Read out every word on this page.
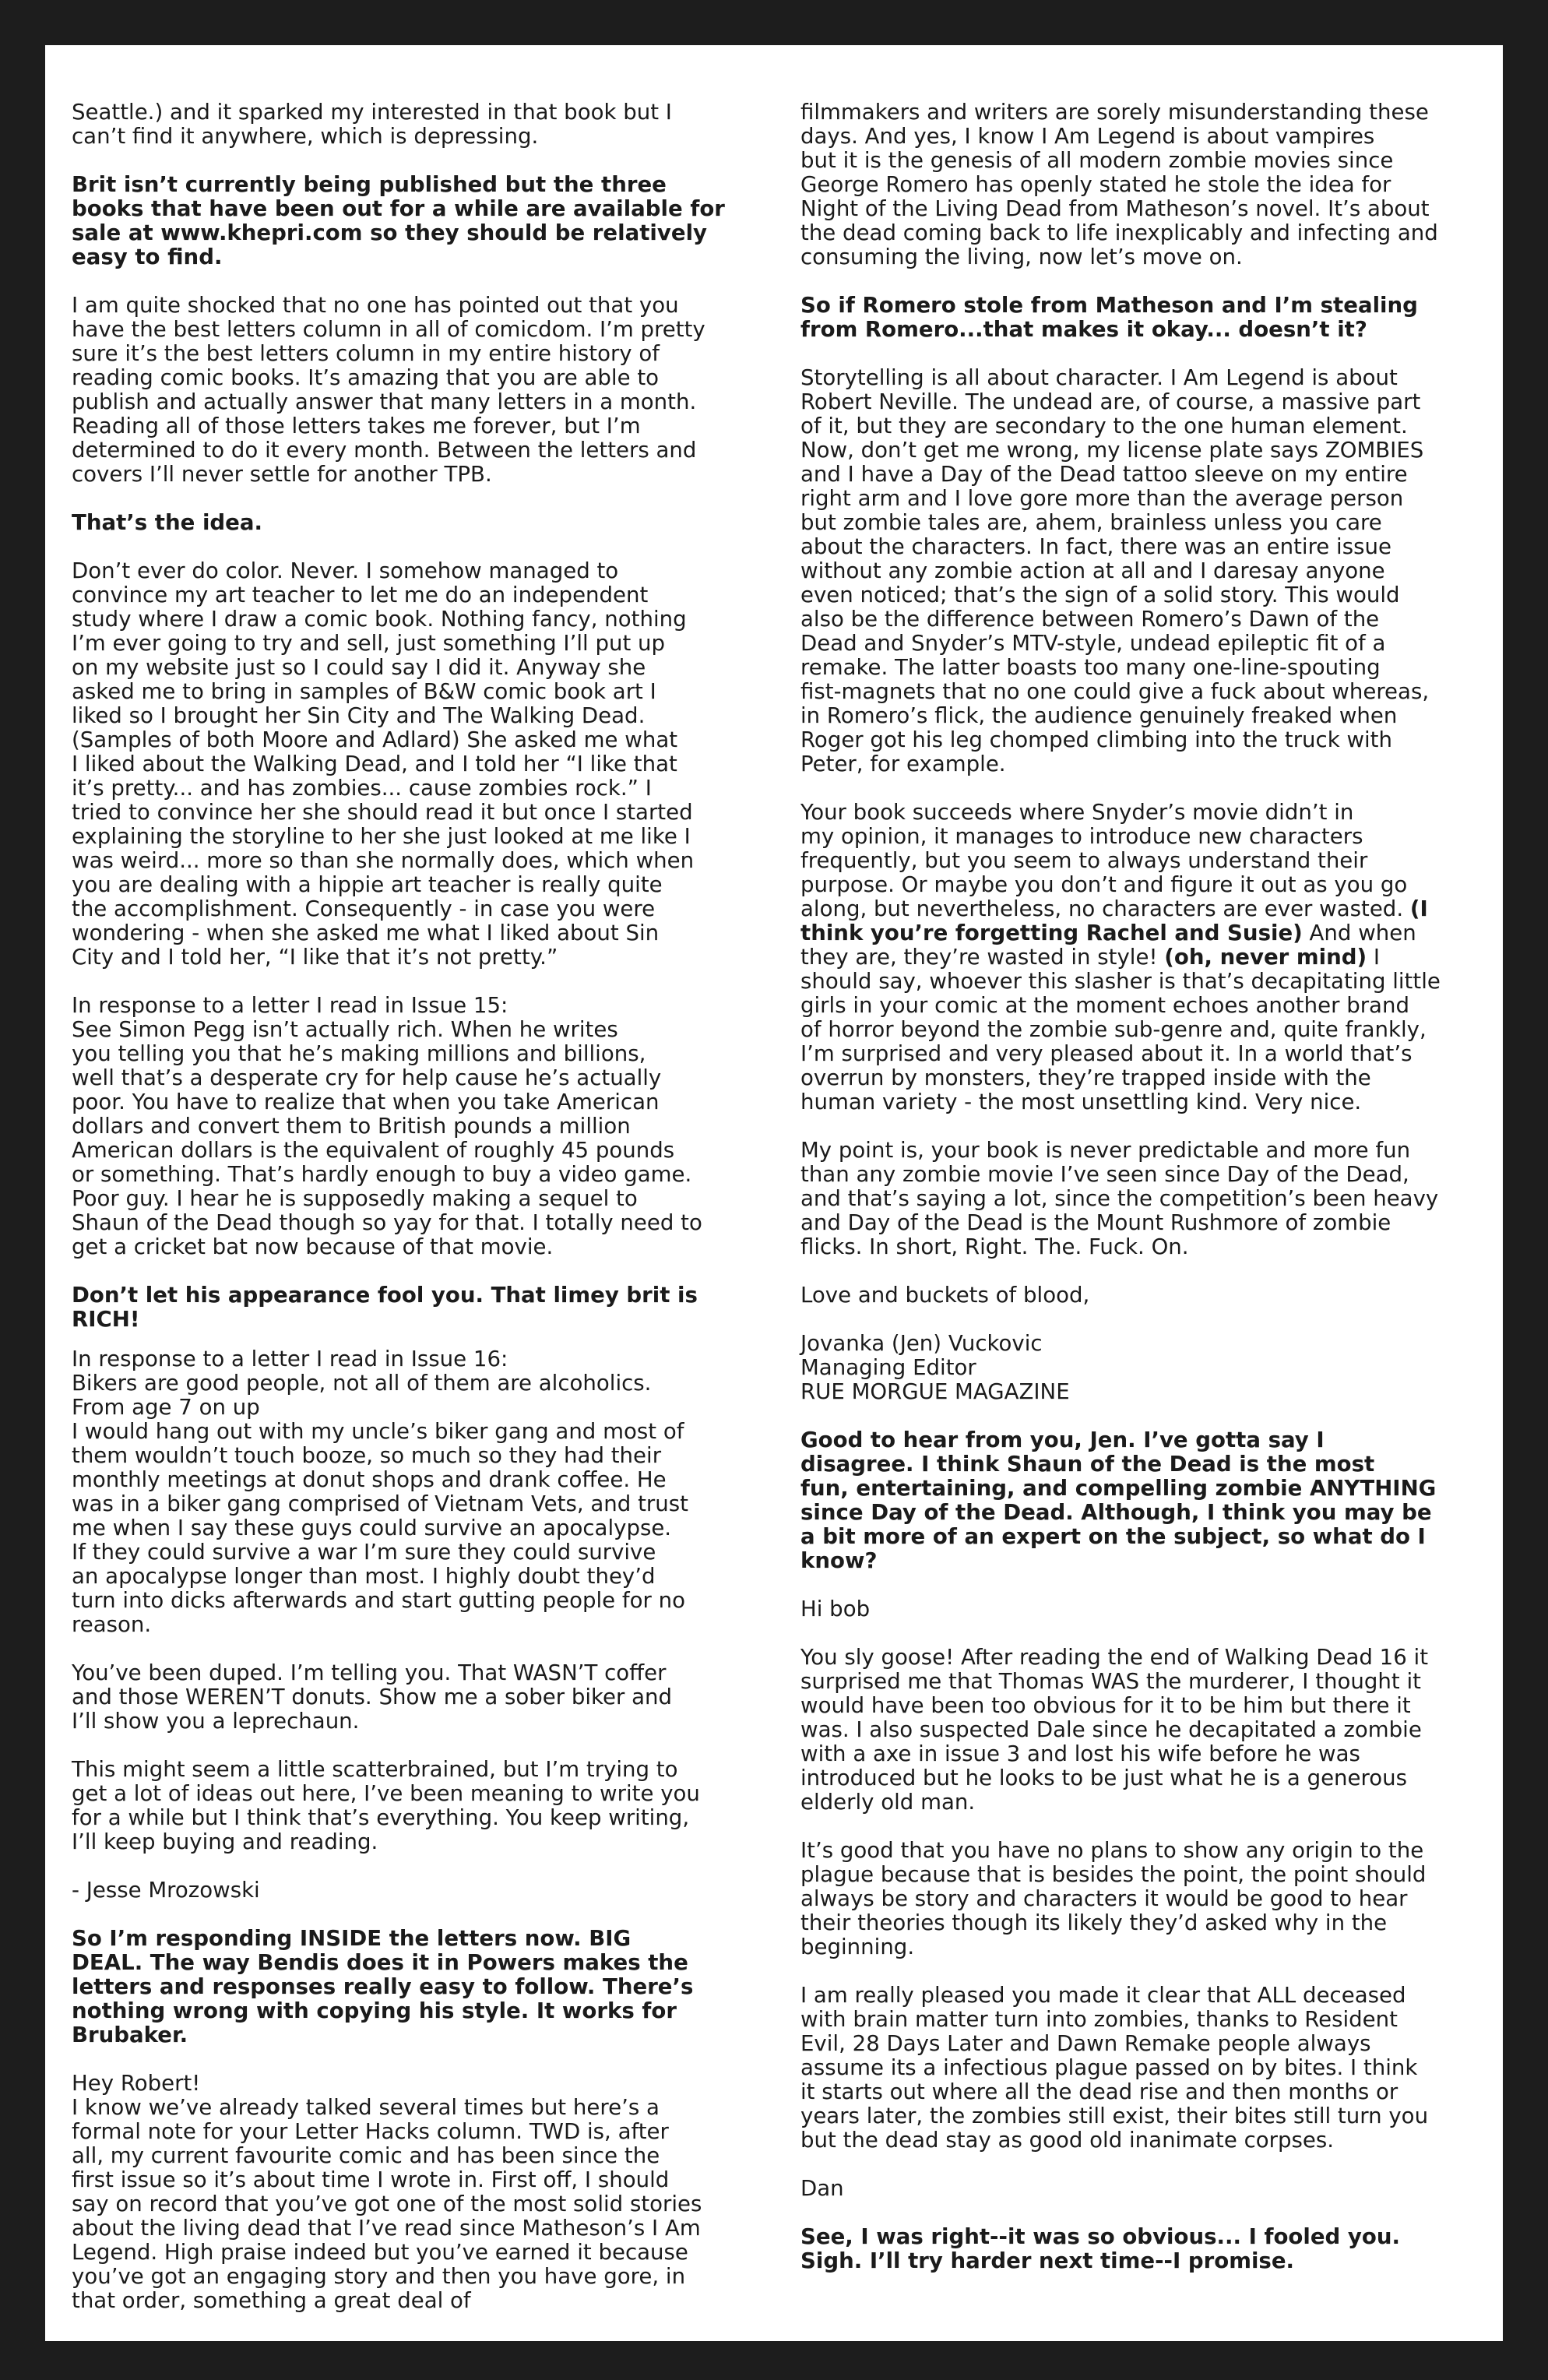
Seattle.) and it sparked my interested in that book but I
can’t find it anywhere, which is depressing.

Brit isn’t currently being published but the three
books that have been out for a while are available for
sale at www.khepri.com so they should be relatively
easy to find.

I am quite shocked that no one has pointed out that you
have the best letters column in all of comicdom. I’m pretty
sure it’s the best letters column in my entire history of
reading comic books. It’s amazing that you are able to
publish and actually answer that many letters in a month.
Reading all of those letters takes me forever, but I’m
determined to do it every month. Between the letters and
covers I’ll never settle for another TPB.

That’s the idea.

Don’t ever do color. Never. I somehow managed to
convince my art teacher to let me do an independent
study where I draw a comic book. Nothing fancy, nothing
I’m ever going to try and sell, just something I’ll put up
on my website just so I could say I did it. Anyway she
asked me to bring in samples of B&W comic book art I
liked so I brought her Sin City and The Walking Dead.
(Samples of both Moore and Adlard) She asked me what
I liked about the Walking Dead, and I told her “I like that
it’s pretty... and has zombies... cause zombies rock.” I
tried to convince her she should read it but once I started
explaining the storyline to her she just looked at me like I
was weird... more so than she normally does, which when
you are dealing with a hippie art teacher is really quite
the accomplishment. Consequently - in case you were
wondering - when she asked me what I liked about Sin
City and I told her, “I like that it’s not pretty.”

In response to a letter I read in Issue 15:
See Simon Pegg isn’t actually rich. When he writes
you telling you that he’s making millions and billions,
well that’s a desperate cry for help cause he’s actually
poor. You have to realize that when you take American
dollars and convert them to British pounds a million
American dollars is the equivalent of roughly 45 pounds
or something. That’s hardly enough to buy a video game.
Poor guy. I hear he is supposedly making a sequel to
Shaun of the Dead though so yay for that. I totally need to
get a cricket bat now because of that movie.

Don’t let his appearance fool you. That limey brit is
RICH!

In response to a letter I read in Issue 16:
Bikers are good people, not all of them are alcoholics.
From age 7 on up
I would hang out with my uncle’s biker gang and most of
them wouldn’t touch booze, so much so they had their
monthly meetings at donut shops and drank coffee. He
was in a biker gang comprised of Vietnam Vets, and trust
me when I say these guys could survive an apocalypse.
If they could survive a war I’m sure they could survive
an apocalypse longer than most. I highly doubt they’d
turn into dicks afterwards and start gutting people for no
reason.

You’ve been duped. I’m telling you. That WASN’T coffer
and those WEREN’T donuts. Show me a sober biker and
I’ll show you a leprechaun.

This might seem a little scatterbrained, but I’m trying to
get a lot of ideas out here, I’ve been meaning to write you
for a while but I think that’s everything. You keep writing,
I’ll keep buying and reading.

- Jesse Mrozowski

So I’m responding INSIDE the letters now. BIG
DEAL. The way Bendis does it in Powers makes the
letters and responses really easy to follow. There’s
nothing wrong with copying his style. It works for
Brubaker.

Hey Robert!
I know we’ve already talked several times but here’s a
formal note for your Letter Hacks column. TWD is, after
all, my current favourite comic and has been since the
first issue so it’s about time I wrote in. First off, I should
say on record that you’ve got one of the most solid stories
about the living dead that I’ve read since Matheson’s I Am
Legend. High praise indeed but you’ve earned it because
you’ve got an engaging story and then you have gore, in
that order, something a great deal of

filmmakers and writers are sorely misunderstanding these
days. And yes, I know I Am Legend is about vampires
but it is the genesis of all modern zombie movies since
George Romero has openly stated he stole the idea for
Night of the Living Dead from Matheson’s novel. It’s about
the dead coming back to life inexplicably and infecting and
consuming the living, now let’s move on.

So if Romero stole from Matheson and I’m stealing
from Romero...that makes it okay... doesn’t it?

Storytelling is all about character. I Am Legend is about
Robert Neville. The undead are, of course, a massive part
of it, but they are secondary to the one human element.
Now, don’t get me wrong, my license plate says ZOMBIES
and I have a Day of the Dead tattoo sleeve on my entire
right arm and I love gore more than the average person
but zombie tales are, ahem, brainless unless you care
about the characters. In fact, there was an entire issue
without any zombie action at all and I daresay anyone
even noticed; that’s the sign of a solid story. This would
also be the difference between Romero’s Dawn of the
Dead and Snyder’s MTV-style, undead epileptic fit of a
remake. The latter boasts too many one-line-spouting
fist-magnets that no one could give a fuck about whereas,
in Romero’s flick, the audience genuinely freaked when
Roger got his leg chomped climbing into the truck with
Peter, for example.

Your book succeeds where Snyder’s movie didn’t in
my opinion, it manages to introduce new characters
frequently, but you seem to always understand their
purpose. Or maybe you don’t and figure it out as you go
along, but nevertheless, no characters are ever wasted. (I
think you’re forgetting Rachel and Susie) And when
they are, they’re wasted in style! (oh, never mind) I
should say, whoever this slasher is that’s decapitating little
girls in your comic at the moment echoes another brand
of horror beyond the zombie sub-genre and, quite frankly,
I’m surprised and very pleased about it. In a world that’s
overrun by monsters, they’re trapped inside with the
human variety - the most unsettling kind. Very nice.

My point is, your book is never predictable and more fun
than any zombie movie I’ve seen since Day of the Dead,
and that’s saying a lot, since the competition’s been heavy
and Day of the Dead is the Mount Rushmore of zombie
flicks. In short, Right. The. Fuck. On.

Love and buckets of blood,

Jovanka (Jen) Vuckovic
Managing Editor
RUE MORGUE MAGAZINE

Good to hear from you, Jen. I’ve gotta say I
disagree. I think Shaun of the Dead is the most
fun, entertaining, and compelling zombie ANYTHING
since Day of the Dead. Although, I think you may be
a bit more of an expert on the subject, so what do I
know?

Hi bob

You sly goose! After reading the end of Walking Dead 16 it
surprised me that Thomas WAS the murderer, I thought it
would have been too obvious for it to be him but there it
was. I also suspected Dale since he decapitated a zombie
with a axe in issue 3 and lost his wife before he was
introduced but he looks to be just what he is a generous
elderly old man.

It’s good that you have no plans to show any origin to the
plague because that is besides the point, the point should
always be story and characters it would be good to hear
their theories though its likely they’d asked why in the
beginning.

I am really pleased you made it clear that ALL deceased
with brain matter turn into zombies, thanks to Resident
Evil, 28 Days Later and Dawn Remake people always
assume its a infectious plague passed on by bites. I think
it starts out where all the dead rise and then months or
years later, the zombies still exist, their bites still turn you
but the dead stay as good old inanimate corpses.

Dan

See, I was right--it was so obvious... I fooled you.
Sigh. I’ll try harder next time--I promise.
